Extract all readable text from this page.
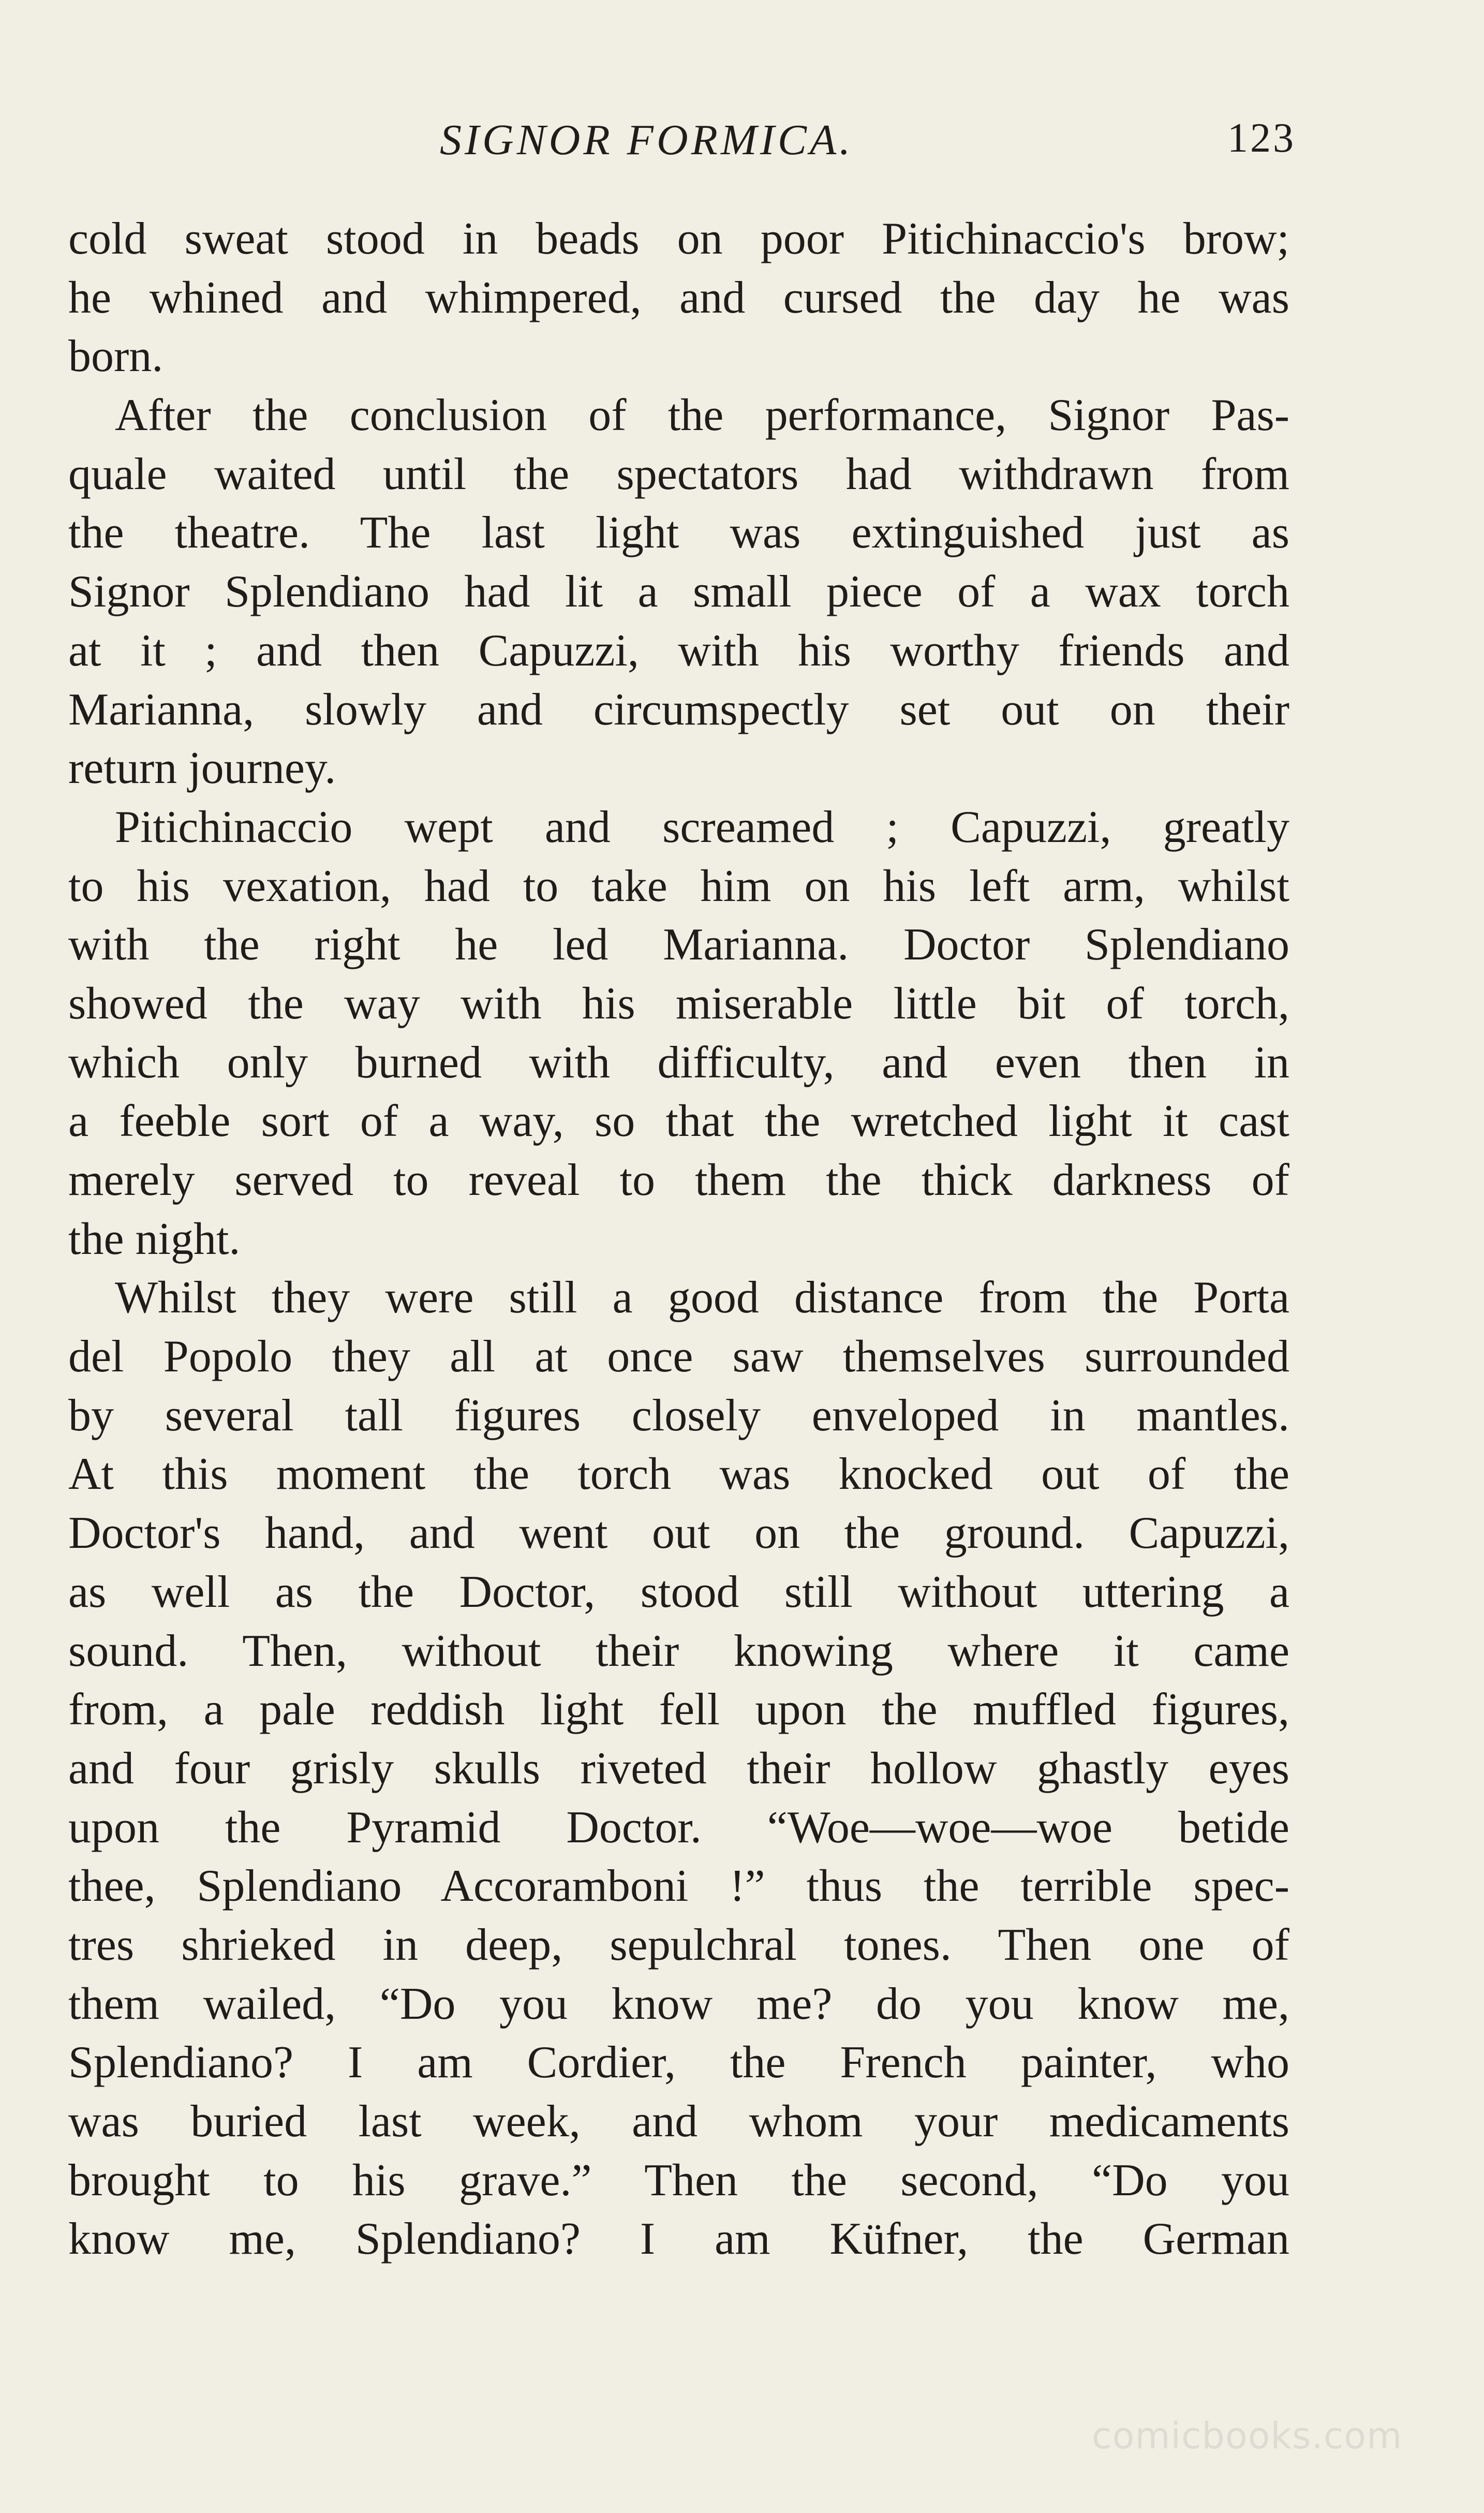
SIGNOR FORMICA.	123
cold sweat stood in beads on poor Pitichinaccio's brow;
he whined and whimpered, and cursed the day he was
born.
After the conclusion of the performance, Signor Pas-
quale waited until the spectators had withdrawn from
the theatre. The last light was extinguished just as
Signor Splendiano had lit a small piece of a wax torch
at it ; and then Capuzzi, with his worthy friends and
Marianna, slowly and circumspectly set out on their
return journey.
Pitichinaccio wept and screamed ; Capuzzi, greatly
to his vexation, had to take him on his left arm, whilst
with the right he led Marianna. Doctor Splendiano
showed the way with his miserable little bit of torch,
which only burned with difficulty, and even then in
a feeble sort of a way, so that the wretched light it cast
merely served to reveal to them the thick darkness of
the night.
Whilst they were still a good distance from the Porta
del Popolo they all at once saw themselves surrounded
by several tall figures closely enveloped in mantles.
At this moment the torch was knocked out of the
Doctor's hand, and went out on the ground. Capuzzi,
as well as the Doctor, stood still without uttering a
sound. Then, without their knowing where it came
from, a pale reddish light fell upon the muffled figures,
and four grisly skulls riveted their hollow ghastly eyes
upon the Pyramid Doctor. “Woe—woe—woe betide
thee, Splendiano Accoramboni !” thus the terrible spec-
tres shrieked in deep, sepulchral tones. Then one of
them wailed, “Do you know me? do you know me,
Splendiano? I am Cordier, the French painter, who
was buried last week, and whom your medicaments
brought to his grave.” Then the second, “Do you
know me, Splendiano? I am Küfner, the German
comicbooks.com
